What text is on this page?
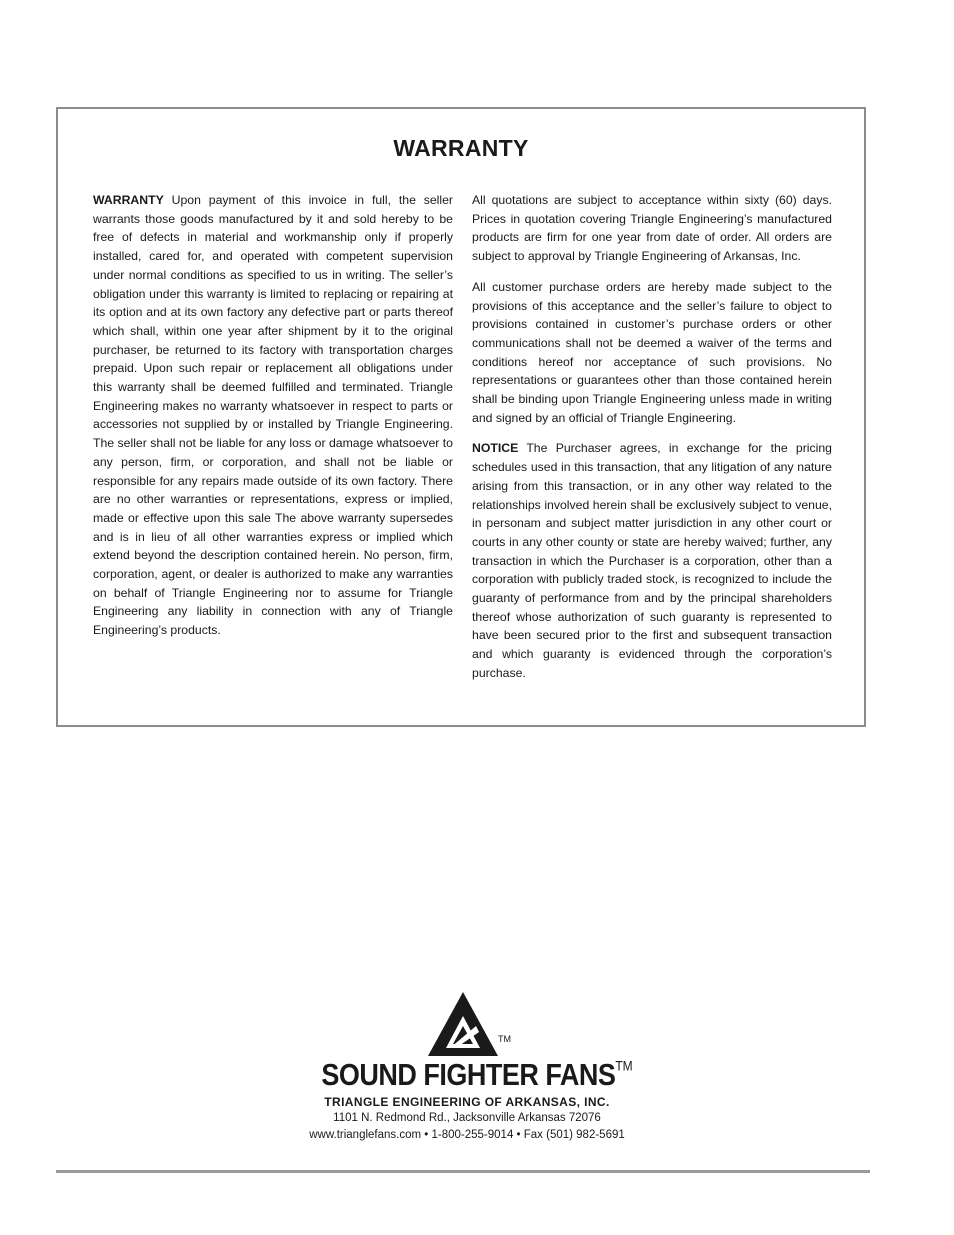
WARRANTY

WARRANTY Upon payment of this invoice in full, the seller warrants those goods manufactured by it and sold hereby to be free of defects in material and workmanship only if properly installed, cared for, and operated with competent supervision under normal conditions as specified to us in writing. The seller’s obligation under this warranty is limited to replacing or repairing at its option and at its own factory any defective part or parts thereof which shall, within one year after shipment by it to the original purchaser, be returned to its factory with transportation charges prepaid. Upon such repair or replacement all obligations under this warranty shall be deemed fulfilled and terminated. Triangle Engineering makes no warranty whatsoever in respect to parts or accessories not supplied by or installed by Triangle Engineering. The seller shall not be liable for any loss or damage whatsoever to any person, firm, or corporation, and shall not be liable or responsible for any repairs made outside of its own factory. There are no other warranties or representations, express or implied, made or effective upon this sale The above warranty supersedes and is in lieu of all other warranties express or implied which extend beyond the description contained herein. No person, firm, corporation, agent, or dealer is authorized to make any warranties on behalf of Triangle Engineering nor to assume for Triangle Engineering any liability in connection with any of Triangle Engineering’s products.

All quotations are subject to acceptance within sixty (60) days. Prices in quotation covering Triangle Engineering’s manufactured products are firm for one year from date of order. All orders are subject to approval by Triangle Engineering of Arkansas, Inc.

All customer purchase orders are hereby made subject to the provisions of this acceptance and the seller’s failure to object to provisions contained in customer’s purchase orders or other communications shall not be deemed a waiver of the terms and conditions hereof nor acceptance of such provisions. No representations or guarantees other than those contained herein shall be binding upon Triangle Engineering unless made in writing and signed by an official of Triangle Engineering.

NOTICE The Purchaser agrees, in exchange for the pricing schedules used in this transaction, that any litigation of any nature arising from this transaction, or in any other way related to the relationships involved herein shall be exclusively subject to venue, in personam and subject matter jurisdiction in any other court or courts in any other county or state are hereby waived; further, any transaction in which the Purchaser is a corporation, other than a corporation with publicly traded stock, is recognized to include the guaranty of performance from and by the principal shareholders thereof whose authorization of such guaranty is represented to have been secured prior to the first and subsequent transaction and which guaranty is evidenced through the corporation’s purchase.

TM
SOUND FIGHTER FANS™
TRIANGLE ENGINEERING OF ARKANSAS, INC.
1101 N. Redmond Rd., Jacksonville Arkansas 72076
www.trianglefans.com • 1-800-255-9014 • Fax (501) 982-5691
